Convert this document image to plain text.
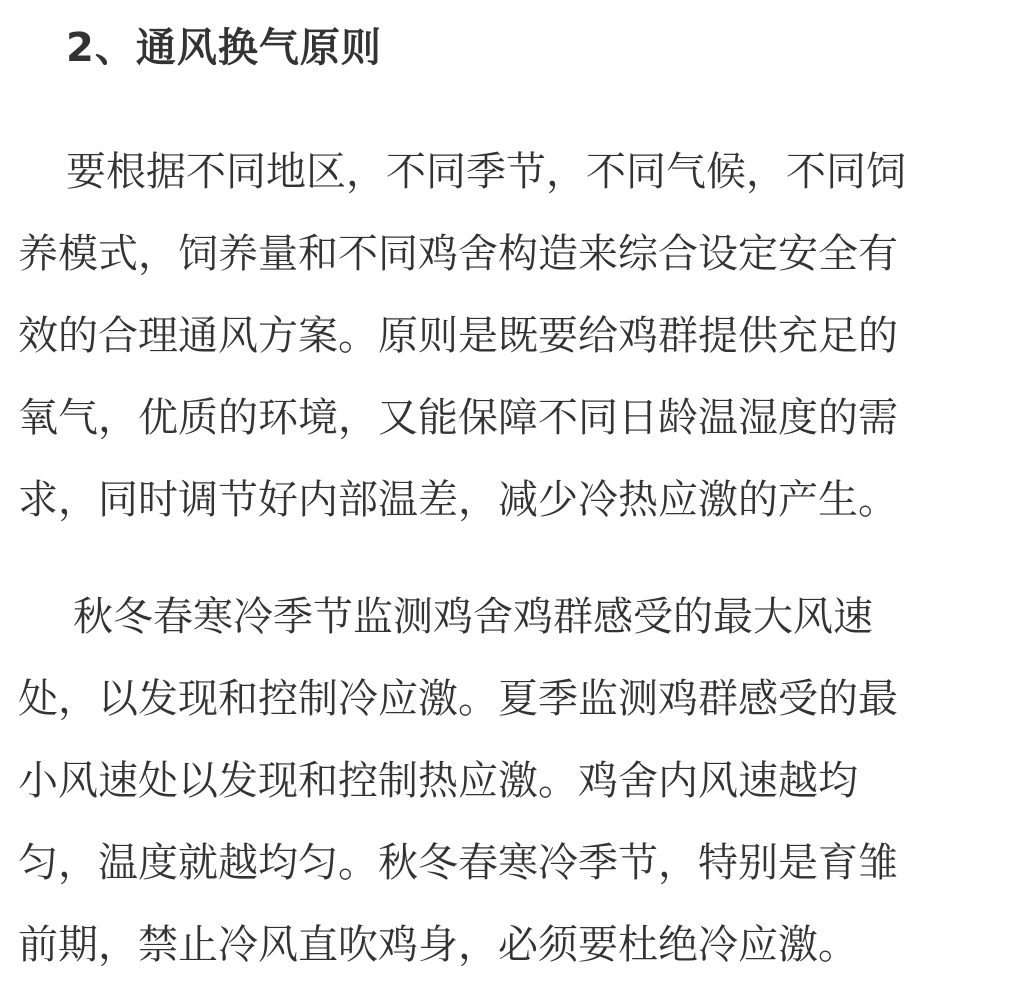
2、通风换气原则
要根据不同地区，不同季节，不同气候，不同饲
养模式，饲养量和不同鸡舍构造来综合设定安全有
效的合理通风方案。原则是既要给鸡群提供充足的
氧气，优质的环境，又能保障不同日龄温湿度的需
求，同时调节好内部温差，减少冷热应激的产生。
秋冬春寒冷季节监测鸡舍鸡群感受的最大风速
处，以发现和控制冷应激。夏季监测鸡群感受的最
小风速处以发现和控制热应激。鸡舍内风速越均
匀，温度就越均匀。秋冬春寒冷季节，特别是育雏
前期，禁止冷风直吹鸡身，必须要杜绝冷应激。
